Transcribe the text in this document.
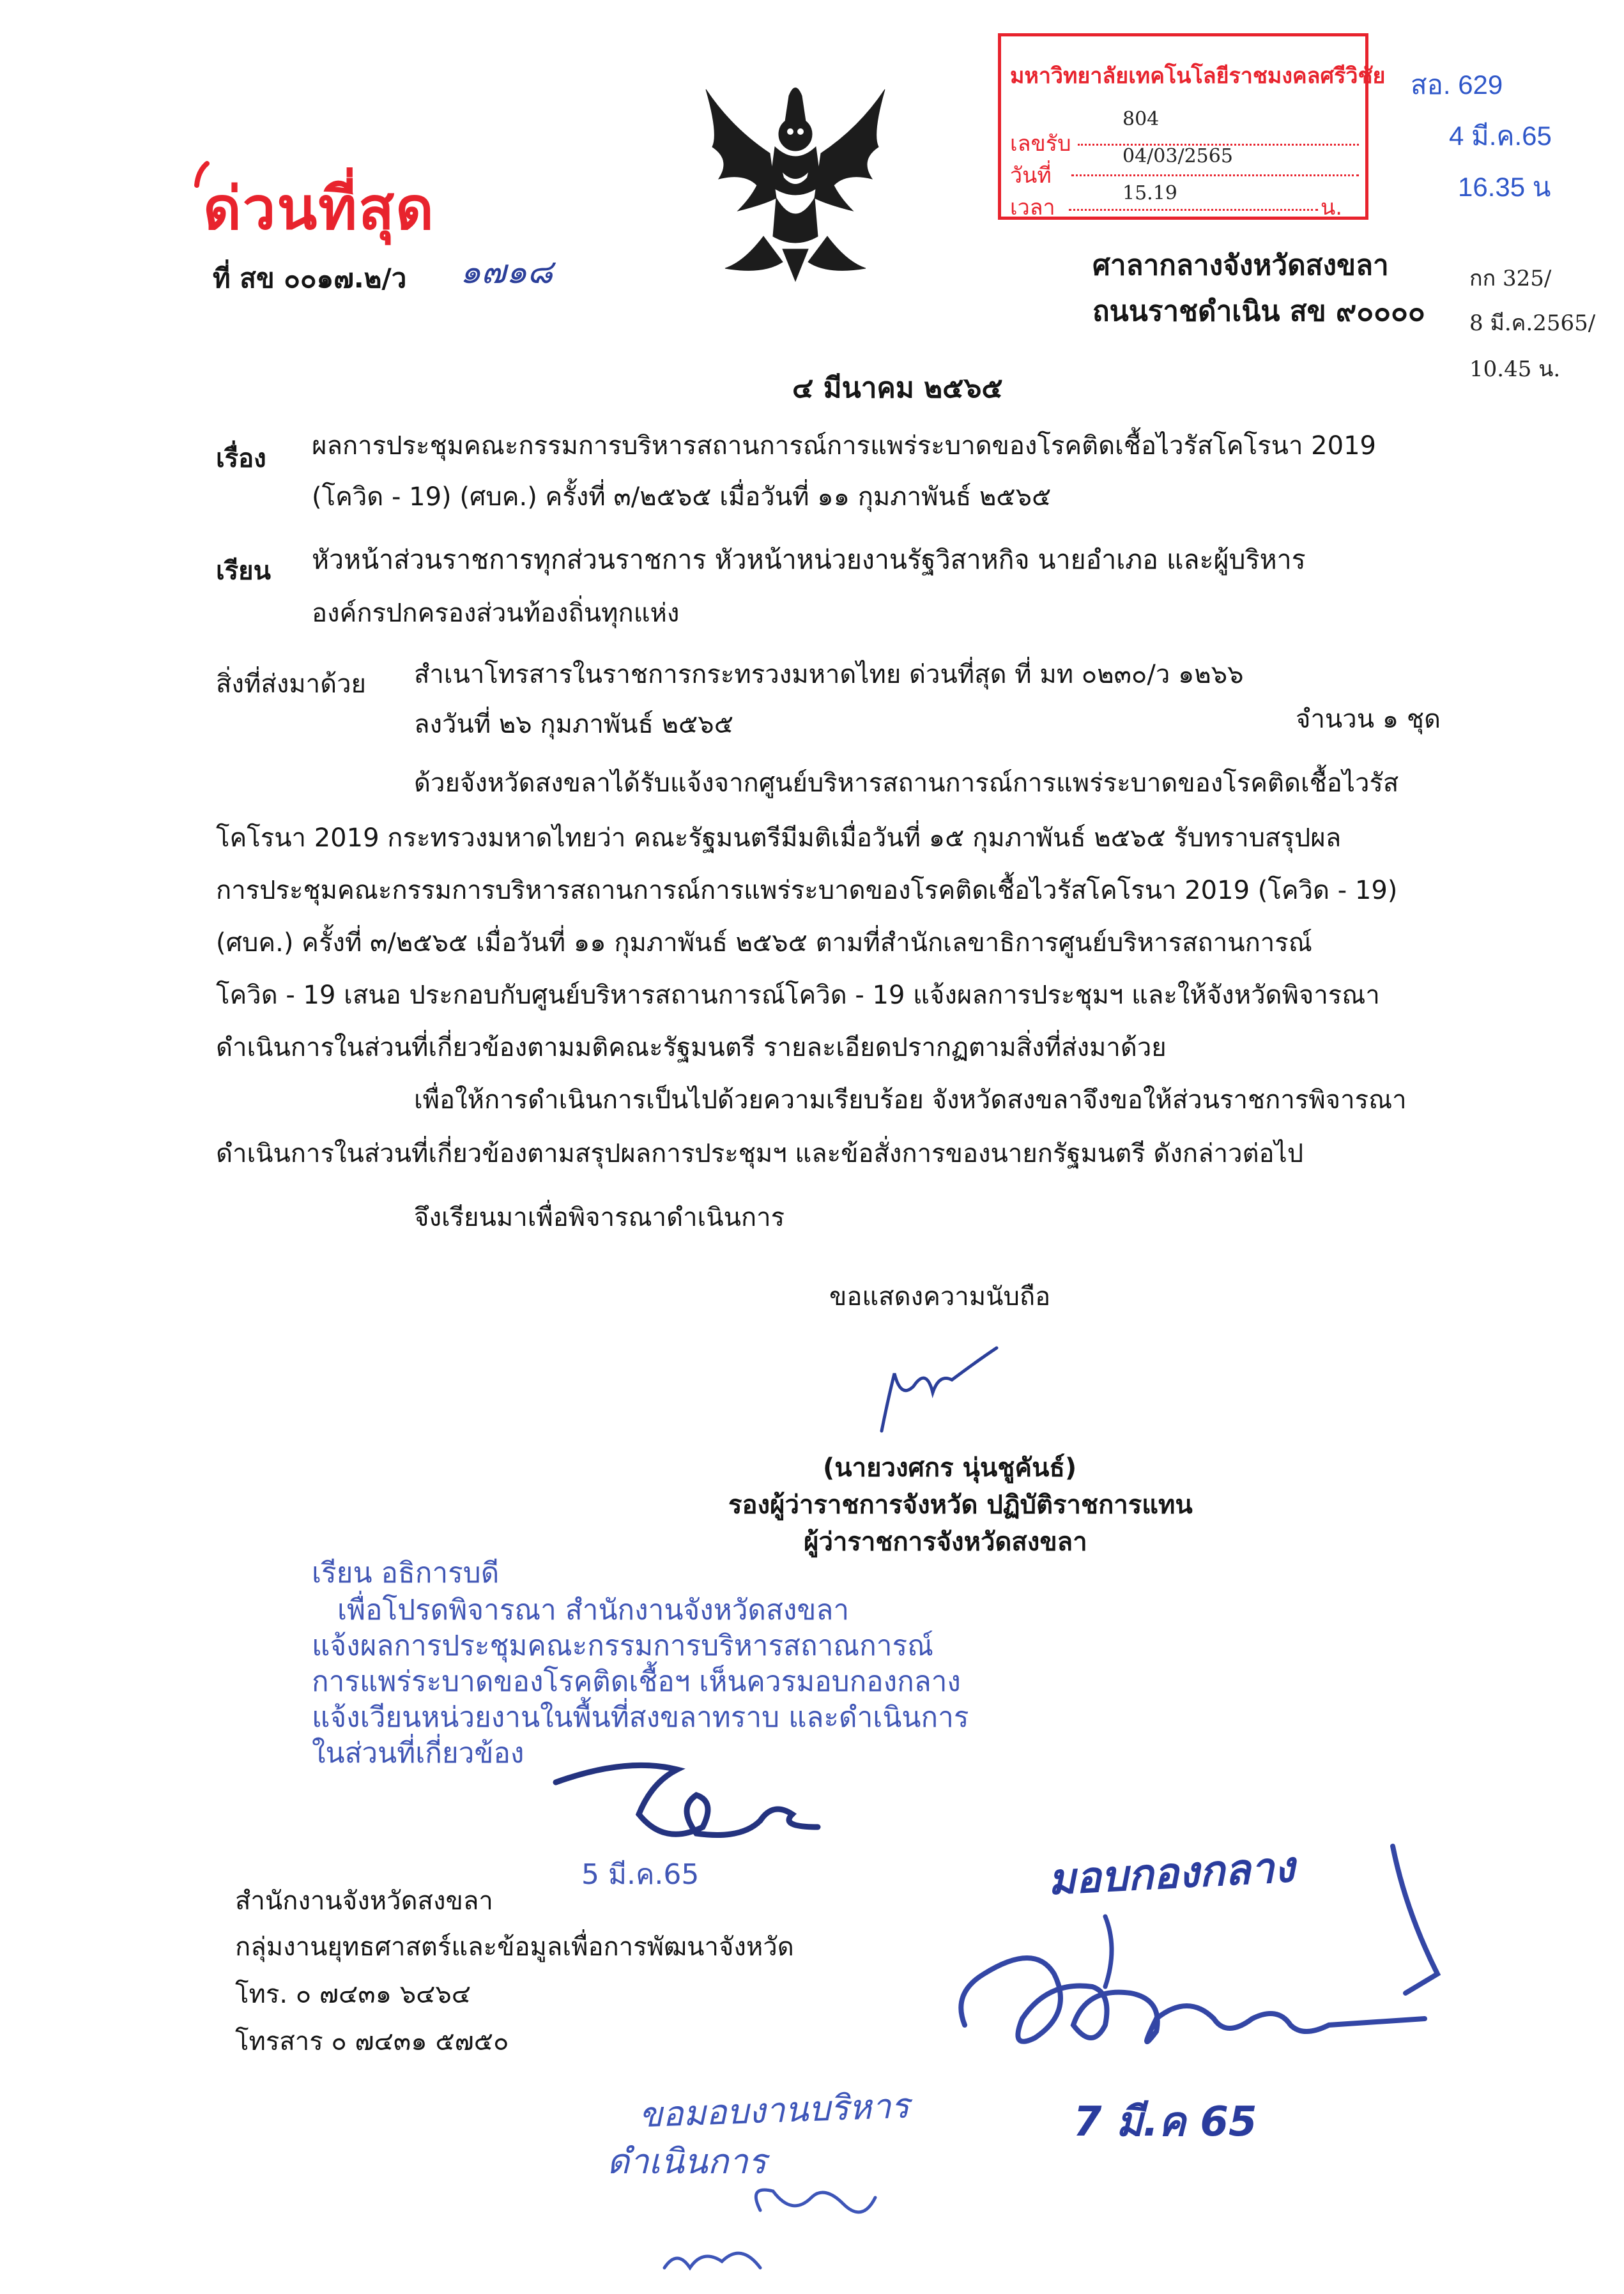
ด่วนที่สุด
ที่ สข ๐๐๑๗.๒/ว ๑๗๑๘
มหาวิทยาลัยเทคโนโลยีราชมงคลศรีวิชัย
เลขรับ
804
วันที่
04/03/2565
เวลา
15.19
น.
สอ. 629
4 มี.ค.65
16.35 น
กก 325/
8 มี.ค.2565/
10.45 น.
ศาลากลางจังหวัดสงขลา
ถนนราชดำเนิน สข ๙๐๐๐๐
๔ มีนาคม ๒๕๖๕
เรื่อง ผลการประชุมคณะกรรมการบริหารสถานการณ์การแพร่ระบาดของโรคติดเชื้อไวรัสโคโรนา 2019
(โควิด - 19) (ศบค.) ครั้งที่ ๓/๒๕๖๕ เมื่อวันที่ ๑๑ กุมภาพันธ์ ๒๕๖๕
เรียน หัวหน้าส่วนราชการทุกส่วนราชการ หัวหน้าหน่วยงานรัฐวิสาหกิจ นายอำเภอ และผู้บริหาร
องค์กรปกครองส่วนท้องถิ่นทุกแห่ง
สิ่งที่ส่งมาด้วย สำเนาโทรสารในราชการกระทรวงมหาดไทย ด่วนที่สุด ที่ มท ๐๒๓๐/ว ๑๒๖๖
ลงวันที่ ๒๖ กุมภาพันธ์ ๒๕๖๕	จำนวน ๑ ชุด
ด้วยจังหวัดสงขลาได้รับแจ้งจากศูนย์บริหารสถานการณ์การแพร่ระบาดของโรคติดเชื้อไวรัส
โคโรนา 2019 กระทรวงมหาดไทยว่า คณะรัฐมนตรีมีมติเมื่อวันที่ ๑๕ กุมภาพันธ์ ๒๕๖๕ รับทราบสรุปผล
การประชุมคณะกรรมการบริหารสถานการณ์การแพร่ระบาดของโรคติดเชื้อไวรัสโคโรนา 2019 (โควิด - 19)
(ศบค.) ครั้งที่ ๓/๒๕๖๕ เมื่อวันที่ ๑๑ กุมภาพันธ์ ๒๕๖๕ ตามที่สำนักเลขาธิการศูนย์บริหารสถานการณ์
โควิด - 19 เสนอ ประกอบกับศูนย์บริหารสถานการณ์โควิด - 19 แจ้งผลการประชุมฯ และให้จังหวัดพิจารณา
ดำเนินการในส่วนที่เกี่ยวข้องตามมติคณะรัฐมนตรี รายละเอียดปรากฏตามสิ่งที่ส่งมาด้วย
เพื่อให้การดำเนินการเป็นไปด้วยความเรียบร้อย จังหวัดสงขลาจึงขอให้ส่วนราชการพิจารณา
ดำเนินการในส่วนที่เกี่ยวข้องตามสรุปผลการประชุมฯ และข้อสั่งการของนายกรัฐมนตรี ดังกล่าวต่อไป
จึงเรียนมาเพื่อพิจารณาดำเนินการ
ขอแสดงความนับถือ
(นายวงศกร นุ่นชูคันธ์)
รองผู้ว่าราชการจังหวัด ปฏิบัติราชการแทน
ผู้ว่าราชการจังหวัดสงขลา
เรียน อธิการบดี
เพื่อโปรดพิจารณา สำนักงานจังหวัดสงขลา
แจ้งผลการประชุมคณะกรรมการบริหารสถาณการณ์
การแพร่ระบาดของโรคติดเชื้อฯ เห็นควรมอบกองกลาง
แจ้งเวียนหน่วยงานในพื้นที่สงขลาทราบ และดำเนินการ
ในส่วนที่เกี่ยวข้อง
5 มี.ค.65	มอบกองกลาง
7 มี.ค 65
สำนักงานจังหวัดสงขลา
กลุ่มงานยุทธศาสตร์และข้อมูลเพื่อการพัฒนาจังหวัด
โทร. ๐ ๗๔๓๑ ๖๔๖๔
โทรสาร ๐ ๗๔๓๑ ๕๗๕๐
ขอมอบงานบริหาร
ดำเนินการ
